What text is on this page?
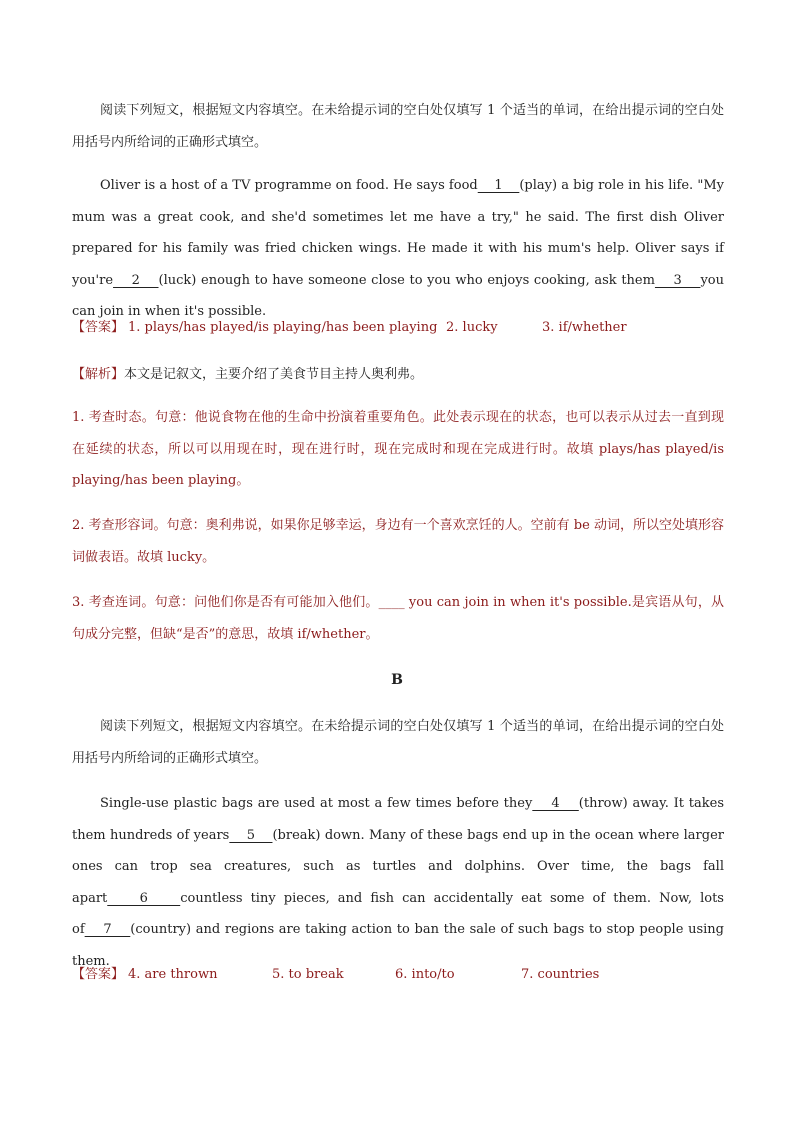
阅读下列短文，根据短文内容填空。在未给提示词的空白处仅填写 1 个适当的单词，在给出提示词的空白处用括号内所给词的正确形式填空。

Oliver is a host of a TV programme on food. He says food    1    (play) a big role in his life. "My mum was a great cook, and she'd sometimes let me have a try," he said. The first dish Oliver prepared for his family was fried chicken wings. He made it with his mum's help. Oliver says if you're    2    (luck) enough to have someone close to you who enjoys cooking, ask them    3    you can join in when it's possible.

【答案】 1. plays/has played/is playing/has been playing 2. lucky	3. if/whether

【解析】本文是记叙文，主要介绍了美食节目主持人奥利弗。

1. 考查时态。句意：他说食物在他的生命中扮演着重要角色。此处表示现在的状态，也可以表示从过去一直到现在延续的状态，所以可以用现在时，现在进行时，现在完成时和现在完成进行时。故填 plays/has played/is playing/has been playing。

2. 考查形容词。句意：奥利弗说，如果你足够幸运，身边有一个喜欢烹饪的人。空前有 be 动词，所以空处填形容词做表语。故填 lucky。

3. 考查连词。句意：问他们你是否有可能加入他们。____ you can join in when it's possible.是宾语从句，从句成分完整，但缺“是否”的意思，故填 if/whether。

B

阅读下列短文，根据短文内容填空。在未给提示词的空白处仅填写 1 个适当的单词，在给出提示词的空白处用括号内所给词的正确形式填空。

Single-use plastic bags are used at most a few times before they    4    (throw) away. It takes them hundreds of years    5    (break) down. Many of these bags end up in the ocean where larger ones can trop sea creatures, such as turtles and dolphins. Over time, the bags fall apart    6    countless tiny pieces, and fish can accidentally eat some of them. Now, lots of    7    (country) and regions are taking action to ban the sale of such bags to stop people using them.

【答案】 4. are thrown	5. to break	6. into/to	7. countries
